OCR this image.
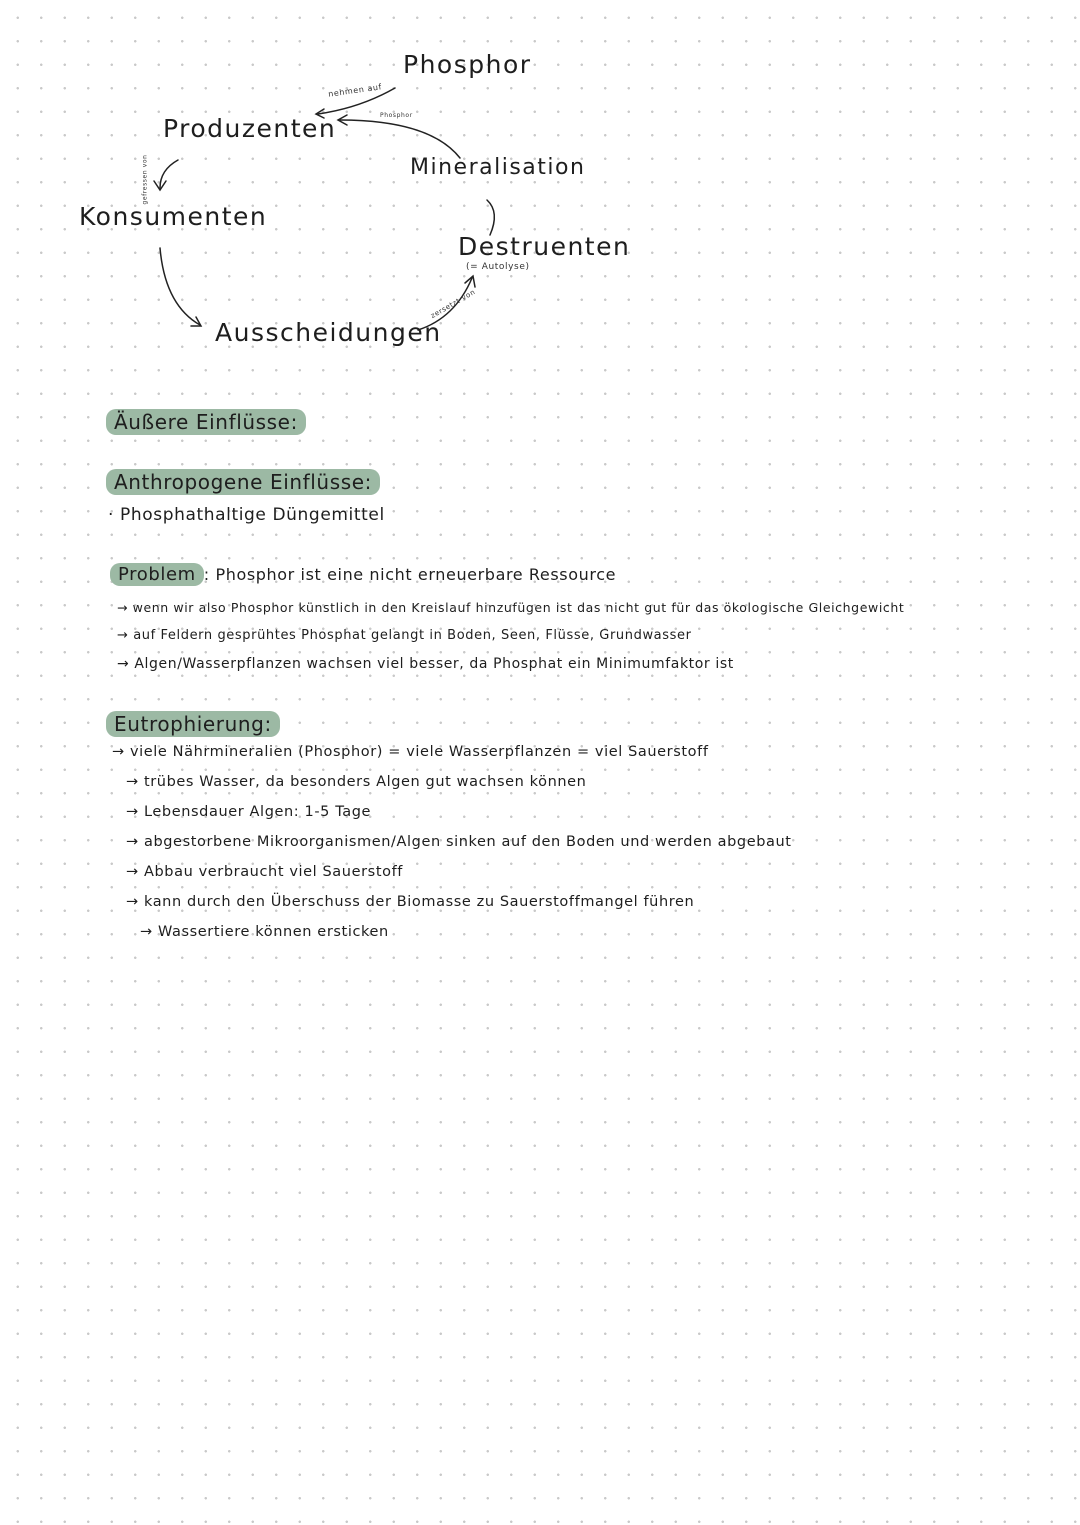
Phosphor
nehmen auf
Phosphor
Produzenten
Mineralisation
gefressen von
Konsumenten
Destruenten
(= Autolyse)
zersetzt von
Ausscheidungen
Äußere Einflüsse:
Anthropogene Einflüsse:
· Phosphathaltige Düngemittel
Problem : Phosphor ist eine nicht erneuerbare Ressource
→ wenn wir also Phosphor künstlich in den Kreislauf hinzufügen ist das nicht gut für das ökologische Gleichgewicht
→ auf Feldern gesprühtes Phosphat gelangt in Boden, Seen, Flüsse, Grundwasser
→ Algen/Wasserpflanzen wachsen viel besser, da Phosphat ein Minimumfaktor ist
Eutrophierung:
→ viele Nährmineralien (Phosphor) = viele Wasserpflanzen = viel Sauerstoff
→ trübes Wasser, da besonders Algen gut wachsen können
→ Lebensdauer Algen: 1-5 Tage
→ abgestorbene Mikroorganismen/Algen sinken auf den Boden und werden abgebaut
→ Abbau verbraucht viel Sauerstoff
→ kann durch den Überschuss der Biomasse zu Sauerstoffmangel führen
→ Wassertiere können ersticken
